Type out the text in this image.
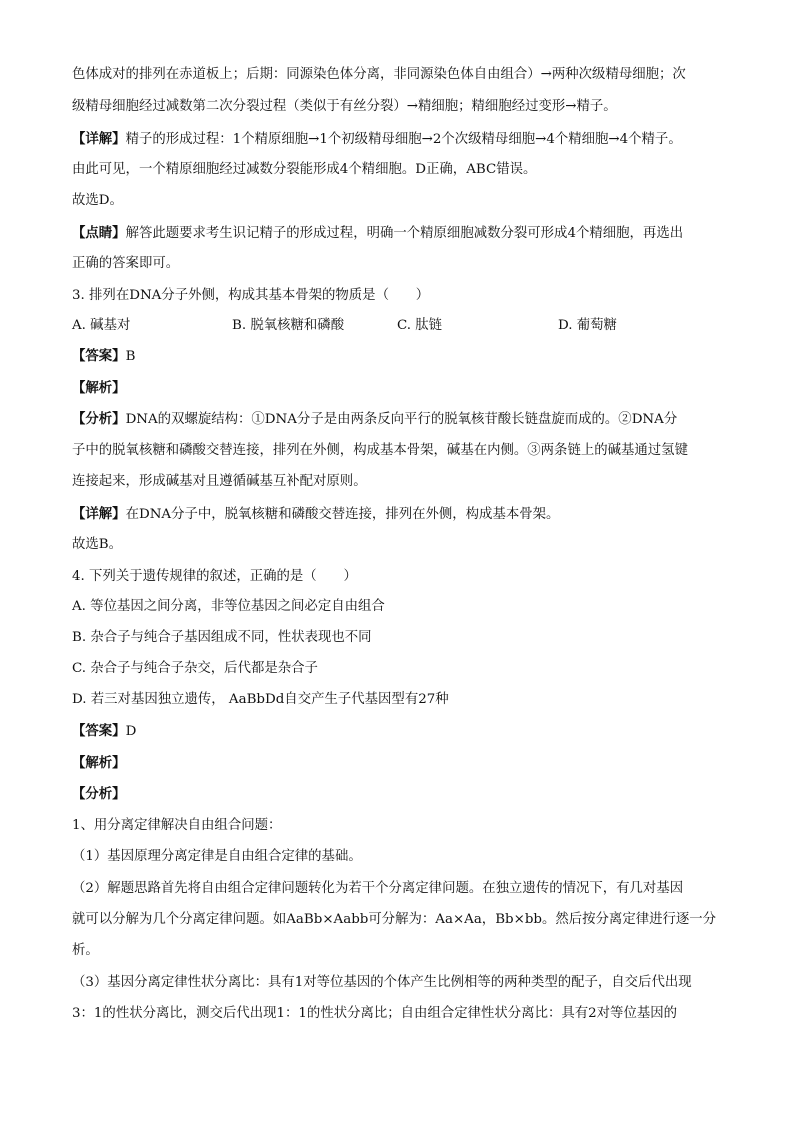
色体成对的排列在赤道板上；后期：同源染色体分离，非同源染色体自由组合）→两种次级精母细胞；次
级精母细胞经过减数第二次分裂过程（类似于有丝分裂）→精细胞；精细胞经过变形→精子。
【详解】精子的形成过程：1个精原细胞→1个初级精母细胞→2个次级精母细胞→4个精细胞→4个精子。
由此可见，一个精原细胞经过减数分裂能形成4个精细胞。D正确，ABC错误。
故选D。
【点睛】解答此题要求考生识记精子的形成过程，明确一个精原细胞减数分裂可形成4个精细胞，再选出
正确的答案即可。
3. 排列在DNA分子外侧，构成其基本骨架的物质是（　　）
A. 碱基对	B. 脱氧核糖和磷酸	C. 肽链	D. 葡萄糖
【答案】B
【解析】
【分析】DNA的双螺旋结构：①DNA分子是由两条反向平行的脱氧核苷酸长链盘旋而成的。②DNA分
子中的脱氧核糖和磷酸交替连接，排列在外侧，构成基本骨架，碱基在内侧。③两条链上的碱基通过氢键
连接起来，形成碱基对且遵循碱基互补配对原则。
【详解】在DNA分子中，脱氧核糖和磷酸交替连接，排列在外侧，构成基本骨架。
故选B。
4. 下列关于遗传规律的叙述，正确的是（　　）
A. 等位基因之间分离，非等位基因之间必定自由组合
B. 杂合子与纯合子基因组成不同，性状表现也不同
C. 杂合子与纯合子杂交，后代都是杂合子
D. 若三对基因独立遗传， AaBbDd自交产生子代基因型有27种
【答案】D
【解析】
【分析】
1、用分离定律解决自由组合问题：
（1）基因原理分离定律是自由组合定律的基础。
（2）解题思路首先将自由组合定律问题转化为若干个分离定律问题。在独立遗传的情况下，有几对基因
就可以分解为几个分离定律问题。如AaBb×Aabb可分解为：Aa×Aa，Bb×bb。然后按分离定律进行逐一分
析。
（3）基因分离定律性状分离比：具有1对等位基因的个体产生比例相等的两种类型的配子，自交后代出现
3：1的性状分离比，测交后代出现1：1的性状分离比；自由组合定律性状分离比：具有2对等位基因的
